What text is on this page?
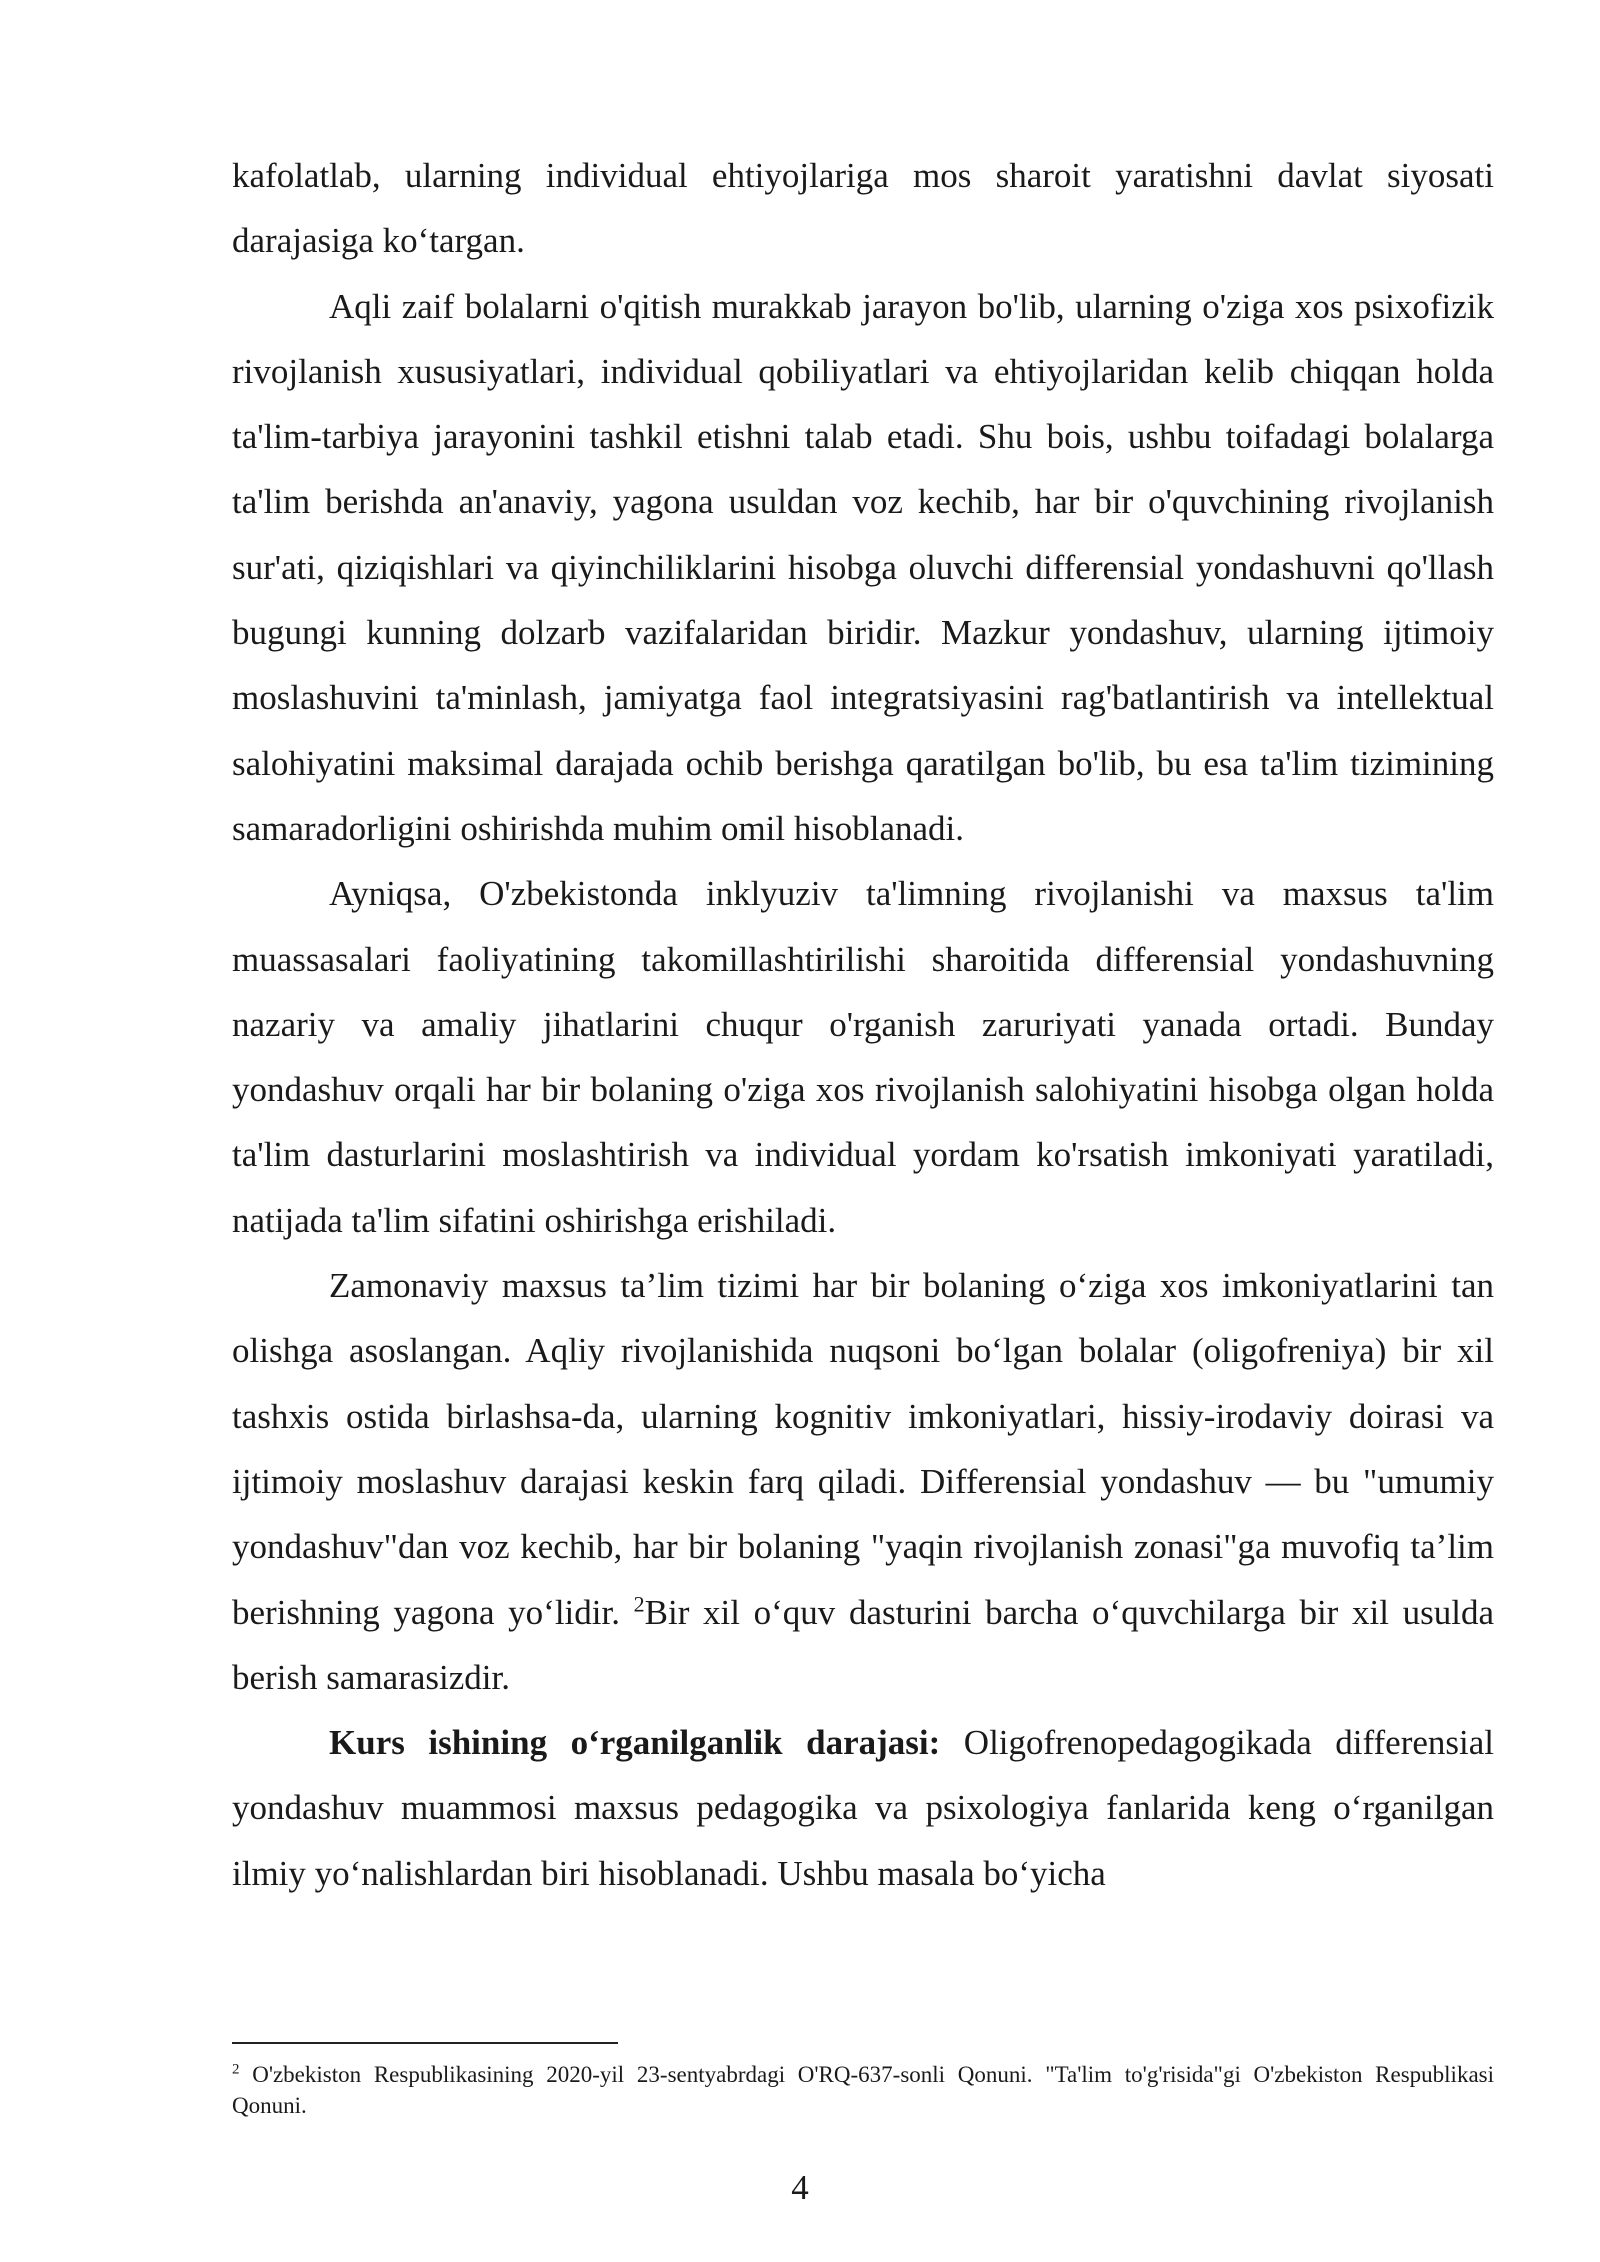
kafolatlab, ularning individual ehtiyojlariga mos sharoit yaratishni davlat siyosati darajasiga ko‘targan.

Aqli zaif bolalarni o'qitish murakkab jarayon bo'lib, ularning o'ziga xos psixofizik rivojlanish xususiyatlari, individual qobiliyatlari va ehtiyojlaridan kelib chiqqan holda ta'lim-tarbiya jarayonini tashkil etishni talab etadi. Shu bois, ushbu toifadagi bolalarga ta'lim berishda an'anaviy, yagona usuldan voz kechib, har bir o'quvchining rivojlanish sur'ati, qiziqishlari va qiyinchiliklarini hisobga oluvchi differensial yondashuvni qo'llash bugungi kunning dolzarb vazifalaridan biridir. Mazkur yondashuv, ularning ijtimoiy moslashuvini ta'minlash, jamiyatga faol integratsiyasini rag'batlantirish va intellektual salohiyatini maksimal darajada ochib berishga qaratilgan bo'lib, bu esa ta'lim tizimining samaradorligini oshirishda muhim omil hisoblanadi.

Ayniqsa, O'zbekistonda inklyuziv ta'limning rivojlanishi va maxsus ta'lim muassasalari faoliyatining takomillashtirilishi sharoitida differensial yondashuvning nazariy va amaliy jihatlarini chuqur o'rganish zaruriyati yanada ortadi. Bunday yondashuv orqali har bir bolaning o'ziga xos rivojlanish salohiyatini hisobga olgan holda ta'lim dasturlarini moslashtirish va individual yordam ko'rsatish imkoniyati yaratiladi, natijada ta'lim sifatini oshirishga erishiladi.

Zamonaviy maxsus ta’lim tizimi har bir bolaning o‘ziga xos imkoniyatlarini tan olishga asoslangan. Aqliy rivojlanishida nuqsoni bo‘lgan bolalar (oligofreniya) bir xil tashxis ostida birlashsa-da, ularning kognitiv imkoniyatlari, hissiy-irodaviy doirasi va ijtimoiy moslashuv darajasi keskin farq qiladi. Differensial yondashuv — bu "umumiy yondashuv"dan voz kechib, har bir bolaning "yaqin rivojlanish zonasi"ga muvofiq ta’lim berishning yagona yo‘lidir. $^2$Bir xil o‘quv dasturini barcha o‘quvchilarga bir xil usulda berish samarasizdir.

Kurs ishining o‘rganilganlik darajasi: Oligofrenopedagogikada differensial yondashuv muammosi maxsus pedagogika va psixologiya fanlarida keng o‘rganilgan ilmiy yo‘nalishlardan biri hisoblanadi. Ushbu masala bo‘yicha

$^2$ O'zbekiston Respublikasining 2020-yil 23-sentyabrdagi O'RQ-637-sonli Qonuni. "Ta'lim to'g'risida"gi O'zbekiston Respublikasi Qonuni.

4
